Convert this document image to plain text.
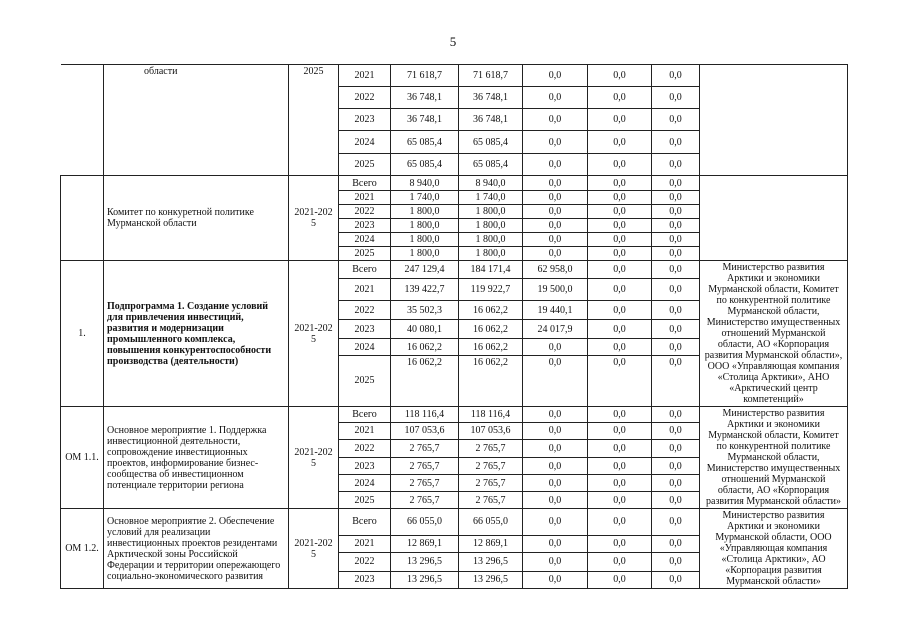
5
	области	2025	2021	71 618,7	71 618,7	0,0	0,0	0,0	
			2022	36 748,1	36 748,1	0,0	0,0	0,0	
			2023	36 748,1	36 748,1	0,0	0,0	0,0	
			2024	65 085,4	65 085,4	0,0	0,0	0,0	
			2025	65 085,4	65 085,4	0,0	0,0	0,0	
	Комитет по конкуретной политике Мурманской области	2021-2025	Всего	8 940,0	8 940,0	0,0	0,0	0,0	
			2021	1 740,0	1 740,0	0,0	0,0	0,0	
			2022	1 800,0	1 800,0	0,0	0,0	0,0	
			2023	1 800,0	1 800,0	0,0	0,0	0,0	
			2024	1 800,0	1 800,0	0,0	0,0	0,0	
			2025	1 800,0	1 800,0	0,0	0,0	0,0	
1.	Подпрограмма 1. Создание условий для привлечения инвестиций, развития и модернизации промышленного комплекса, повышения конкурентоспособности производства (деятельности)	2021-2025	Всего	247 129,4	184 171,4	62 958,0	0,0	0,0	Министерство развития Арктики и экономики Мурманской области, Комитет по конкурентной политике Мурманской области, Министерство имущественных отношений Мурманской области, АО «Корпорация развития Мурманской области», ООО «Управляющая компания «Столица Арктики», АНО «Арктический центр компетенций»
			2021	139 422,7	119 922,7	19 500,0	0,0	0,0	
			2022	35 502,3	16 062,2	19 440,1	0,0	0,0	
			2023	40 080,1	16 062,2	24 017,9	0,0	0,0	
			2024	16 062,2	16 062,2	0,0	0,0	0,0	
			2025	16 062,2	16 062,2	0,0	0,0	0,0	
ОМ 1.1.	Основное мероприятие 1. Поддержка инвестиционной деятельности, сопровождение инвестиционных проектов, информирование бизнес-сообщества об инвестиционном потенциале территории региона	2021-2025	Всего	118 116,4	118 116,4	0,0	0,0	0,0	Министерство развития Арктики и экономики Мурманской области, Комитет по конкурентной политике Мурманской области, Министерство имущественных отношений Мурманской области, АО «Корпорация развития Мурманской области»
			2021	107 053,6	107 053,6	0,0	0,0	0,0	
			2022	2 765,7	2 765,7	0,0	0,0	0,0	
			2023	2 765,7	2 765,7	0,0	0,0	0,0	
			2024	2 765,7	2 765,7	0,0	0,0	0,0	
			2025	2 765,7	2 765,7	0,0	0,0	0,0	
ОМ 1.2.	Основное мероприятие 2. Обеспечение условий для реализации инвестиционных проектов резидентами Арктической зоны Российской Федерации и территории опережающего социально-экономического развития	2021-2025	Всего	66 055,0	66 055,0	0,0	0,0	0,0	Министерство развития Арктики и экономики Мурманской области, ООО «Управляющая компания «Столица Арктики», АО «Корпорация развития Мурманской области»
			2021	12 869,1	12 869,1	0,0	0,0	0,0	
			2022	13 296,5	13 296,5	0,0	0,0	0,0	
			2023	13 296,5	13 296,5	0,0	0,0	0,0	
